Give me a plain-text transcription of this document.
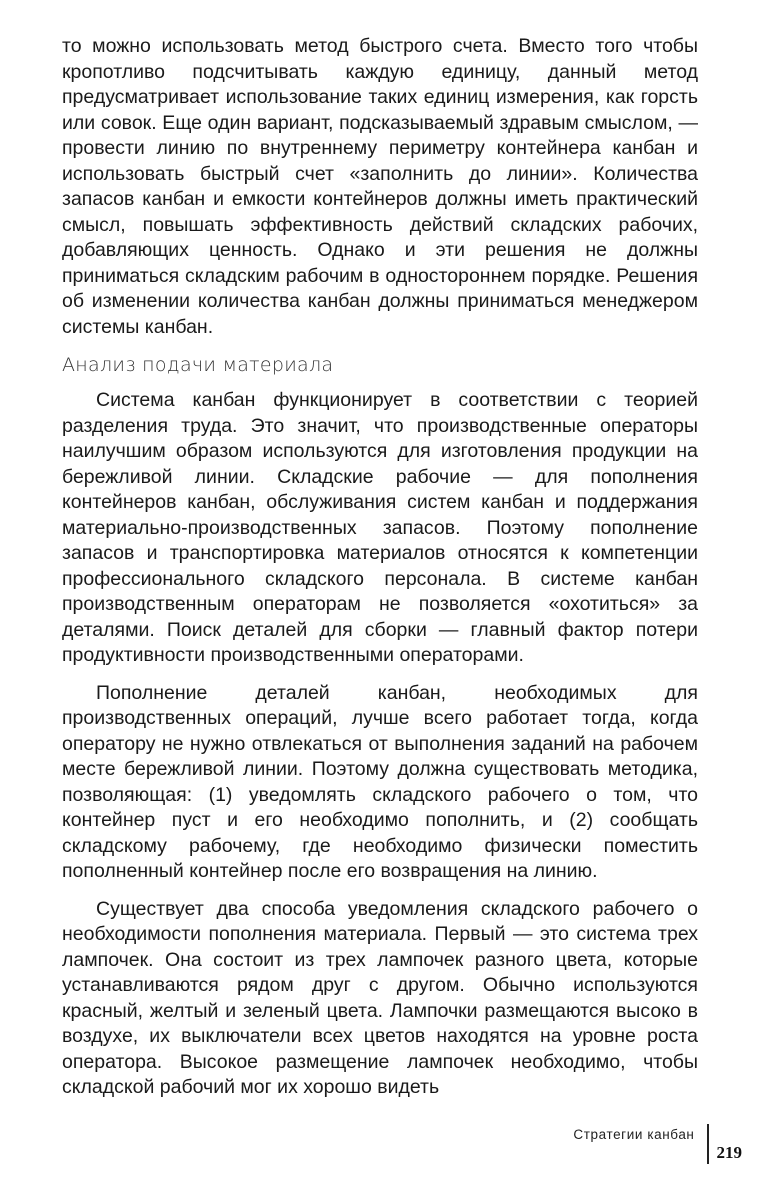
то можно использовать метод быстрого счета. Вместо того чтобы кропотливо подсчитывать каждую единицу, данный метод предусматривает использование таких единиц измерения, как горсть или совок. Еще один вариант, подсказываемый здравым смыслом, — провести линию по внутреннему периметру контейнера канбан и использовать быстрый счет «заполнить до линии». Количества запасов канбан и емкости контейнеров должны иметь практический смысл, повышать эффективность действий складских рабочих, добавляющих ценность. Однако и эти решения не должны приниматься складским рабочим в одностороннем порядке. Решения об изменении количества канбан должны приниматься менеджером системы канбан.

Анализ подачи материала

Система канбан функционирует в соответствии с теорией разделения труда. Это значит, что производственные операторы наилучшим образом используются для изготовления продукции на бережливой линии. Складские рабочие — для пополнения контейнеров канбан, обслуживания систем канбан и поддержания материально-производственных запасов. Поэтому пополнение запасов и транспортировка материалов относятся к компетенции профессионального складского персонала. В системе канбан производственным операторам не позволяется «охотиться» за деталями. Поиск деталей для сборки — главный фактор потери продуктивности производственными операторами.

Пополнение деталей канбан, необходимых для производственных операций, лучше всего работает тогда, когда оператору не нужно отвлекаться от выполнения заданий на рабочем месте бережливой линии. Поэтому должна существовать методика, позволяющая: (1) уведомлять складского рабочего о том, что контейнер пуст и его необходимо пополнить, и (2) сообщать складскому рабочему, где необходимо физически поместить пополненный контейнер после его возвращения на линию.

Существует два способа уведомления складского рабочего о необходимости пополнения материала. Первый — это система трех лампочек. Она состоит из трех лампочек разного цвета, которые устанавливаются рядом друг с другом. Обычно используются красный, желтый и зеленый цвета. Лампочки размещаются высоко в воздухе, их выключатели всех цветов находятся на уровне роста оператора. Высокое размещение лампочек необходимо, чтобы складской рабочий мог их хорошо видеть

Стратегии канбан
219
